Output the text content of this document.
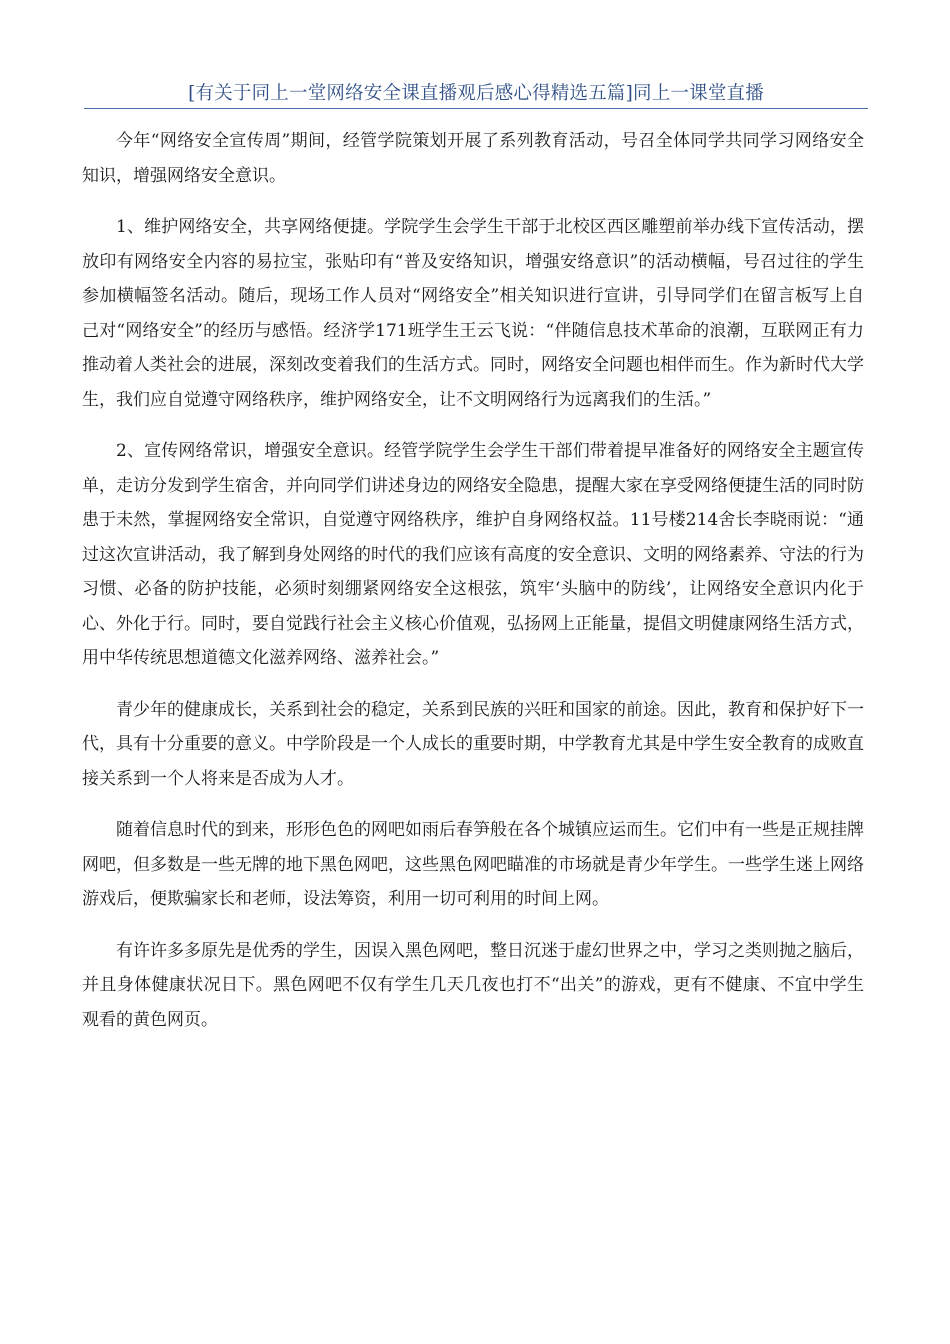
[有关于同上一堂网络安全课直播观后感心得精选五篇]同上一课堂直播

今年“网络安全宣传周”期间，经管学院策划开展了系列教育活动，号召全体同学共同学习网络安全知识，增强网络安全意识。

1、维护网络安全，共享网络便捷。学院学生会学生干部于北校区西区雕塑前举办线下宣传活动，摆放印有网络安全内容的易拉宝，张贴印有“普及安络知识，增强安络意识”的活动横幅，号召过往的学生参加横幅签名活动。随后，现场工作人员对“网络安全”相关知识进行宣讲，引导同学们在留言板写上自己对“网络安全”的经历与感悟。经济学171班学生王云飞说：“伴随信息技术革命的浪潮，互联网正有力推动着人类社会的进展，深刻改变着我们的生活方式。同时，网络安全问题也相伴而生。作为新时代大学生，我们应自觉遵守网络秩序，维护网络安全，让不文明网络行为远离我们的生活。”

2、宣传网络常识，增强安全意识。经管学院学生会学生干部们带着提早准备好的网络安全主题宣传单，走访分发到学生宿舍，并向同学们讲述身边的网络安全隐患，提醒大家在享受网络便捷生活的同时防患于未然，掌握网络安全常识，自觉遵守网络秩序，维护自身网络权益。11号楼214舍长李晓雨说：“通过这次宣讲活动，我了解到身处网络的时代的我们应该有高度的安全意识、文明的网络素养、守法的行为习惯、必备的防护技能，必须时刻绷紧网络安全这根弦，筑牢‘头脑中的防线’，让网络安全意识内化于心、外化于行。同时，要自觉践行社会主义核心价值观，弘扬网上正能量，提倡文明健康网络生活方式，用中华传统思想道德文化滋养网络、滋养社会。”

青少年的健康成长，关系到社会的稳定，关系到民族的兴旺和国家的前途。因此，教育和保护好下一代，具有十分重要的意义。中学阶段是一个人成长的重要时期，中学教育尤其是中学生安全教育的成败直接关系到一个人将来是否成为人才。

随着信息时代的到来，形形色色的网吧如雨后春笋般在各个城镇应运而生。它们中有一些是正规挂牌网吧，但多数是一些无牌的地下黑色网吧，这些黑色网吧瞄准的市场就是青少年学生。一些学生迷上网络游戏后，便欺骗家长和老师，设法筹资，利用一切可利用的时间上网。

有许许多多原先是优秀的学生，因误入黑色网吧，整日沉迷于虚幻世界之中，学习之类则抛之脑后，并且身体健康状况日下。黑色网吧不仅有学生几天几夜也打不“出关”的游戏，更有不健康、不宜中学生观看的黄色网页。
